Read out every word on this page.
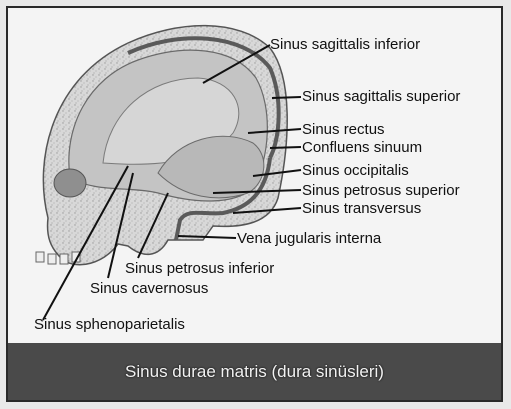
Sinus sagittalis inferior
Sinus sagittalis superior
Sinus rectus
Confluens sinuum
Sinus occipitalis
Sinus petrosus superior
Sinus transversus
Vena jugularis interna
Sinus petrosus inferior
Sinus cavernosus
Sinus sphenoparietalis
Sinus durae matris (dura sinüsleri)
